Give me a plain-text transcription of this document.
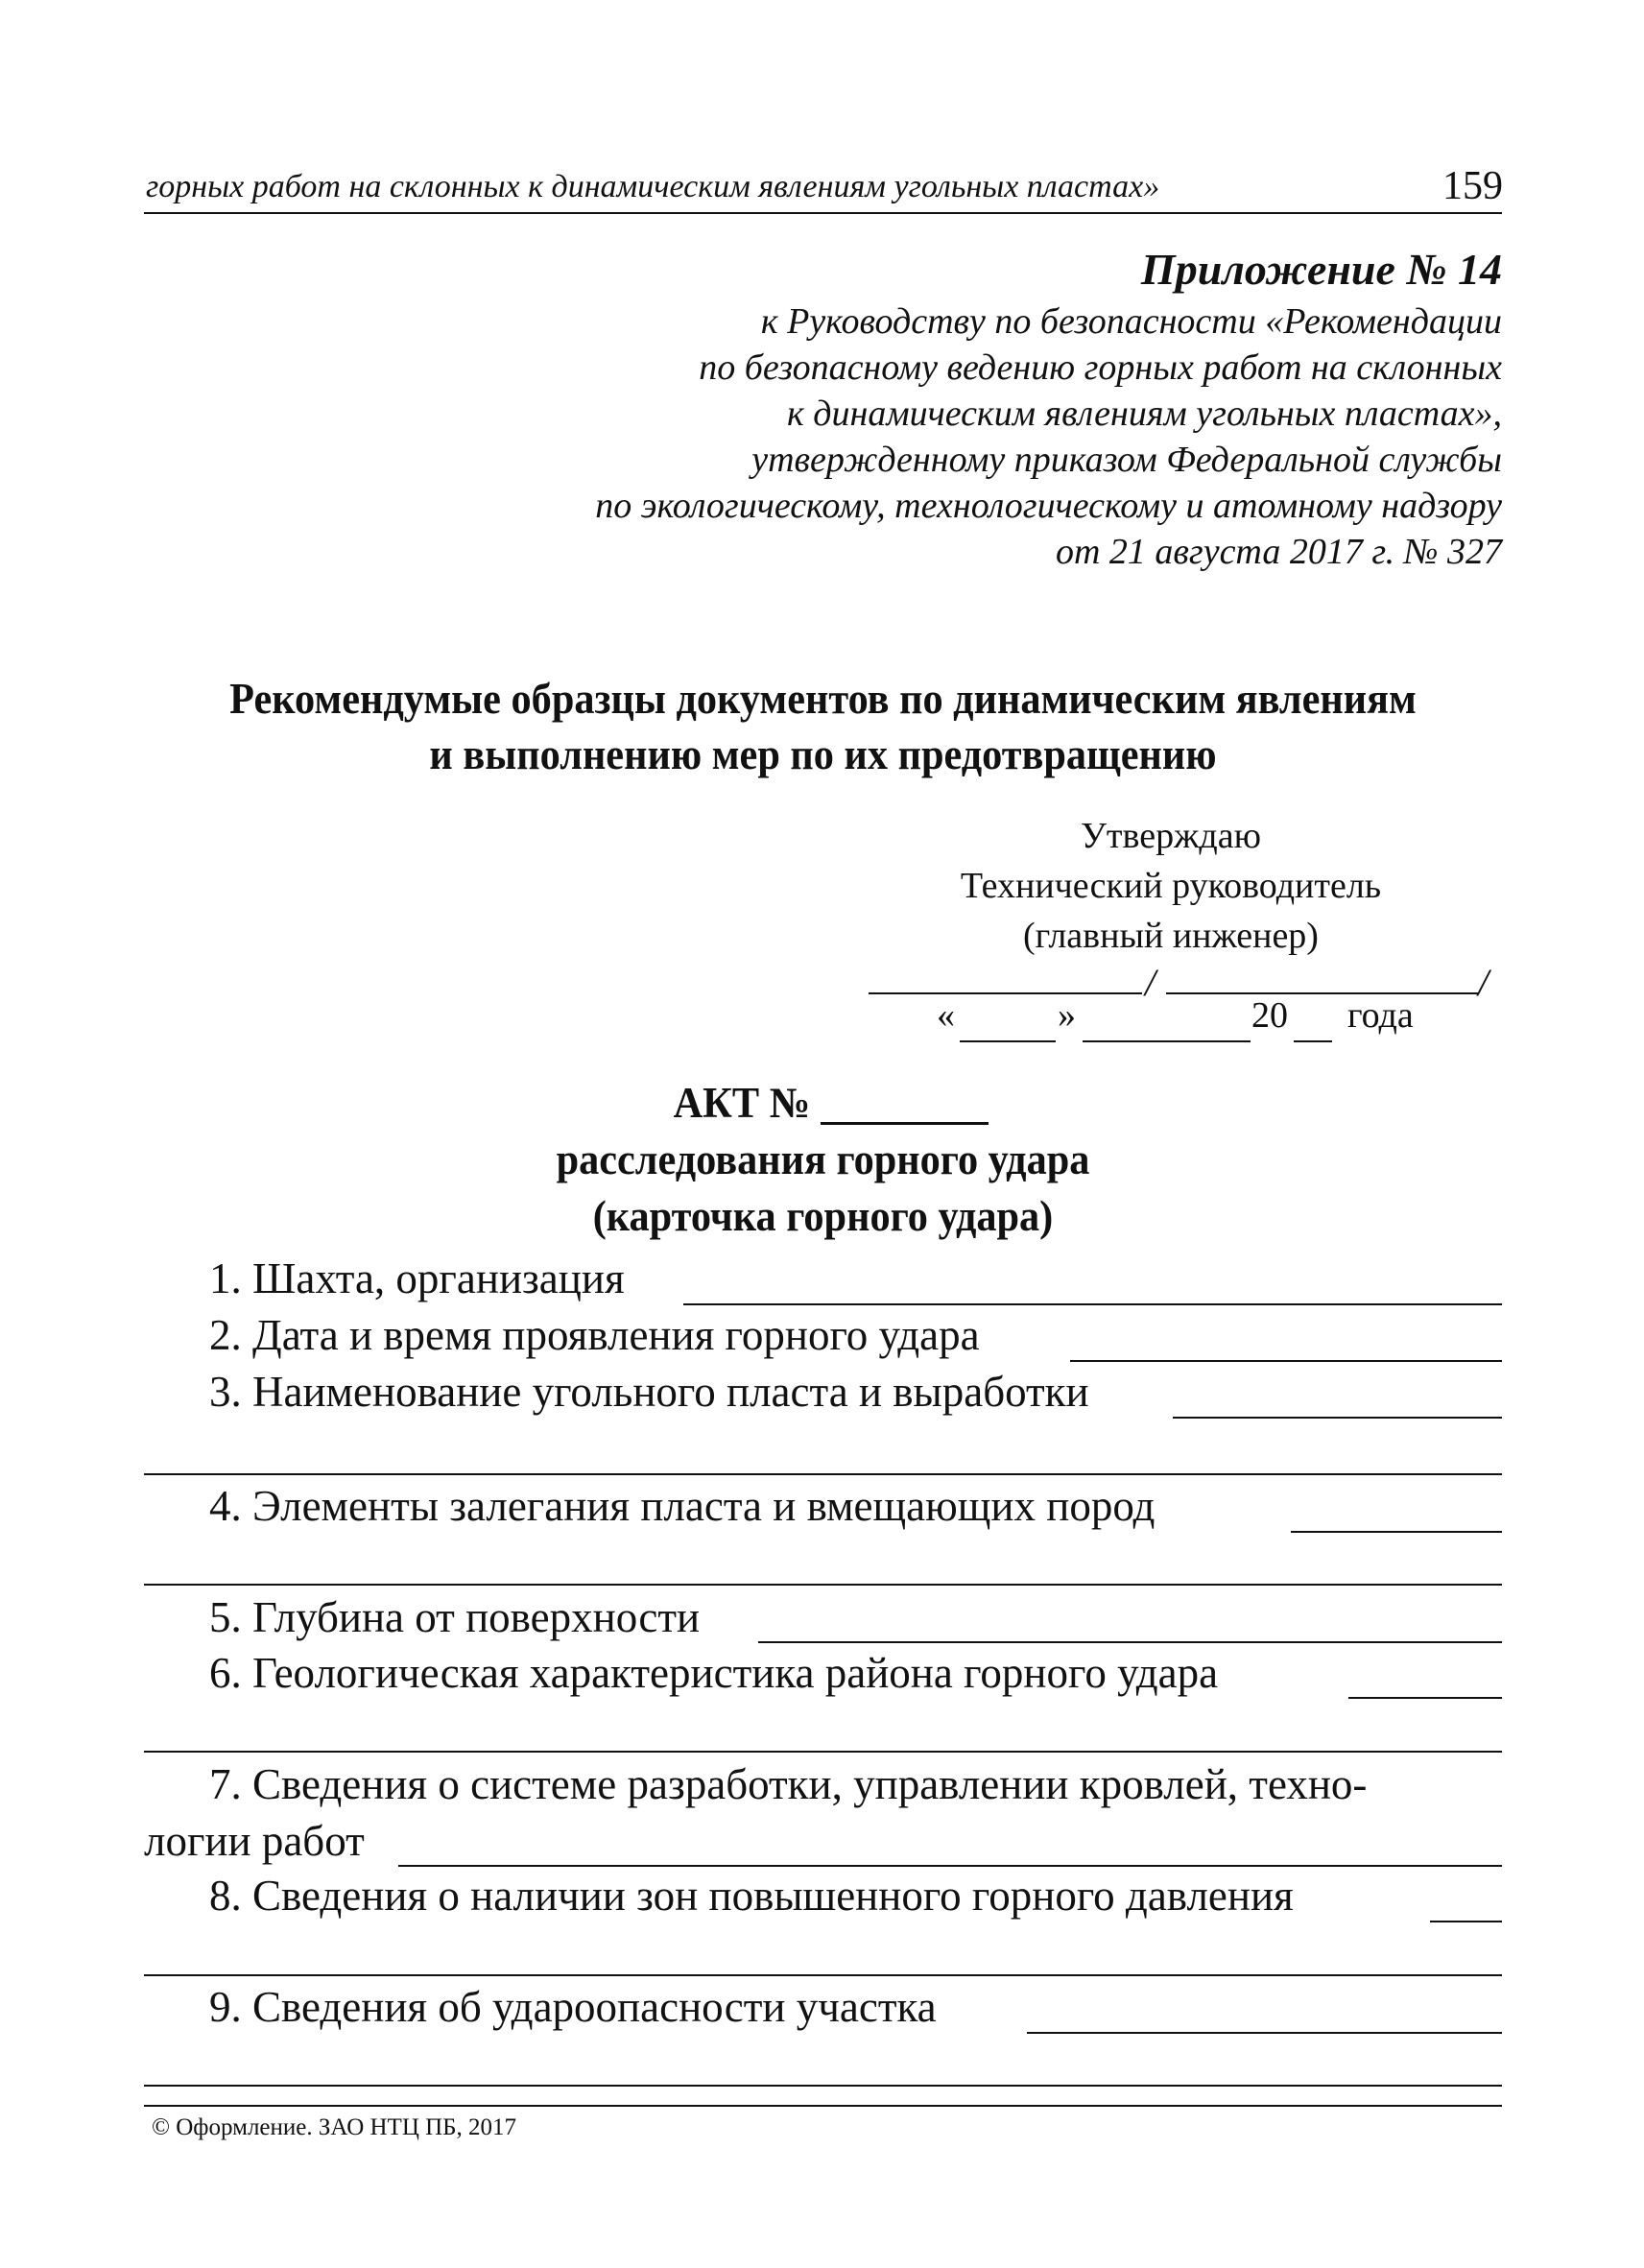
горных работ на склонных к динамическим явлениям угольных пластах»	159
Приложение № 14
к Руководству по безопасности «Рекомендации
по безопасному ведению горных работ на склонных
к динамическим явлениям угольных пластах»,
утвержденному приказом Федеральной службы
по экологическому, технологическому и атомному надзору
от 21 августа 2017 г. № 327
Рекомендумые образцы документов по динамическим явлениям
и выполнению мер по их предотвращению
Утверждаю
Технический руководитель
(главный инженер)
/	/
«	»	20 года
АКТ №
расследования горного удара
(карточка горного удара)
1. Шахта, организация
2. Дата и время проявления горного удара
3. Наименование угольного пласта и выработки
4. Элементы залегания пласта и вмещающих пород
5. Глубина от поверхности
6. Геологическая характеристика района горного удара
7. Сведения о системе разработки, управлении кровлей, техно-
логии работ
8. Сведения о наличии зон повышенного горного давления
9. Сведения об удароопасности участка
© Оформление. ЗАО НТЦ ПБ, 2017
